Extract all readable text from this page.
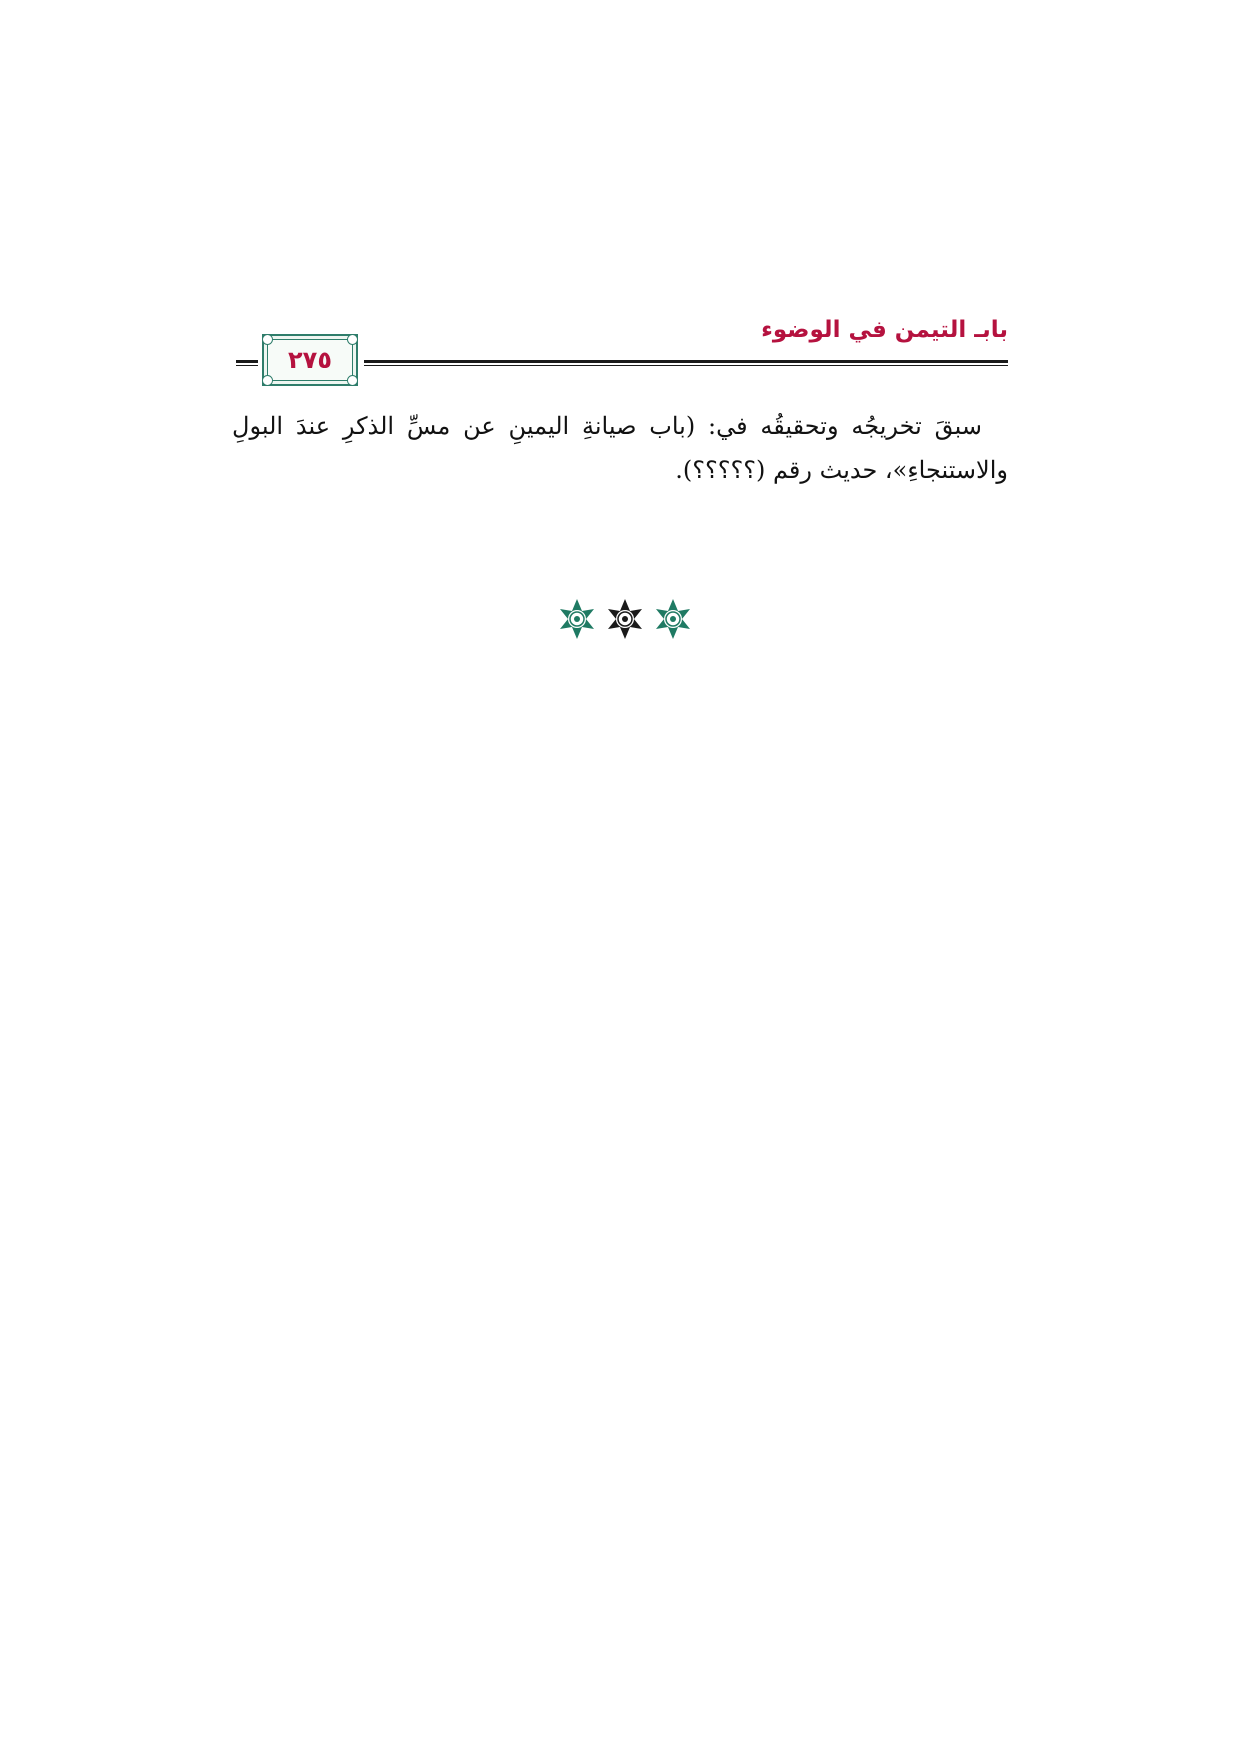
بابـ التيمن في الوضوء
٢٧٥

سبقَ تخريجُه وتحقيقُه في: (باب صيانةِ اليمينِ عن مسِّ الذكرِ عندَ البولِ

والاستنجاءِ»، حديث رقم (؟؟؟؟؟).
